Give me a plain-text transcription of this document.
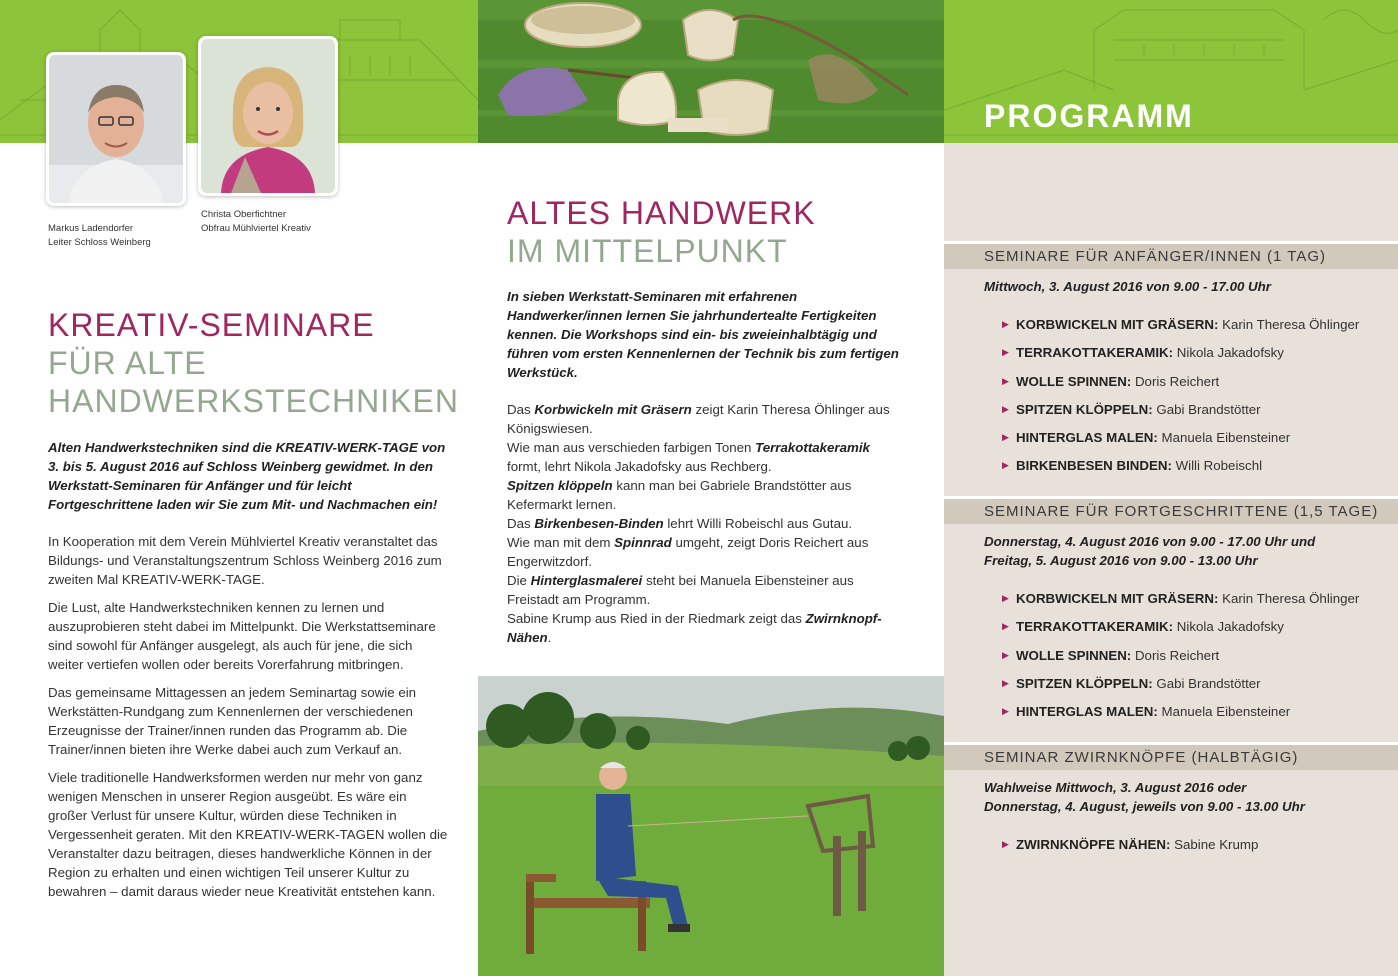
Markus Ladendorfer
Leiter Schloss Weinberg
Christa Oberfichtner
Obfrau Mühlviertel Kreativ
KREATIV-SEMINARE
FÜR ALTE
HANDWERKSTECHNIKEN

Alten Handwerkstechniken sind die KREATIV-WERK-TAGE von 3. bis 5. August 2016 auf Schloss Weinberg gewidmet. In den Werkstatt-Seminaren für Anfänger und für leicht Fortgeschrittene laden wir Sie zum Mit- und Nachmachen ein!

In Kooperation mit dem Verein Mühlviertel Kreativ veranstaltet das Bildungs- und Veranstaltungszentrum Schloss Weinberg 2016 zum zweiten Mal KREATIV-WERK-TAGE.

Die Lust, alte Handwerkstechniken kennen zu lernen und auszuprobieren steht dabei im Mittelpunkt. Die Werkstattseminare sind sowohl für Anfänger ausgelegt, als auch für jene, die sich weiter vertiefen wollen oder bereits Vorerfahrung mitbringen.

Das gemeinsame Mittagessen an jedem Seminartag sowie ein Werkstätten-Rundgang zum Kennenlernen der verschiedenen Erzeugnisse der Trainer/innen runden das Programm ab. Die Trainer/innen bieten ihre Werke dabei auch zum Verkauf an.

Viele traditionelle Handwerksformen werden nur mehr von ganz wenigen Menschen in unserer Region ausgeübt. Es wäre ein großer Verlust für unsere Kultur, würden diese Techniken in Vergessenheit geraten. Mit den KREATIV-WERK-TAGEN wollen die Veranstalter dazu beitragen, dieses handwerkliche Können in der Region zu erhalten und einen wichtigen Teil unserer Kultur zu bewahren – damit daraus wieder neue Kreativität entstehen kann.

ALTES HANDWERK
IM MITTELPUNKT

In sieben Werkstatt-Seminaren mit erfahrenen Handwerker/innen lernen Sie jahrhundertealte Fertigkeiten kennen. Die Workshops sind ein- bis zweieinhalbtägig und führen vom ersten Kennenlernen der Technik bis zum fertigen Werkstück.

Das Korbwickeln mit Gräsern zeigt Karin Theresa Öhlinger aus Königswiesen.
Wie man aus verschieden farbigen Tonen Terrakottakeramik formt, lehrt Nikola Jakadofsky aus Rechberg.
Spitzen klöppeln kann man bei Gabriele Brandstötter aus Kefermarkt lernen.
Das Birkenbesen-Binden lehrt Willi Robeischl aus Gutau.
Wie man mit dem Spinnrad umgeht, zeigt Doris Reichert aus Engerwitzdorf.
Die Hinterglasmalerei steht bei Manuela Eibensteiner aus Freistadt am Programm.
Sabine Krump aus Ried in der Riedmark zeigt das Zwirnknopf-Nähen.
PROGRAMM
SEMINARE FÜR ANFÄNGER/INNEN (1 TAG)
Mittwoch, 3. August 2016 von 9.00 - 17.00 Uhr
▶ KORBWICKELN MIT GRÄSERN: Karin Theresa Öhlinger
▶ TERRAKOTTAKERAMIK: Nikola Jakadofsky
▶ WOLLE SPINNEN: Doris Reichert
▶ SPITZEN KLÖPPELN: Gabi Brandstötter
▶ HINTERGLAS MALEN: Manuela Eibensteiner
▶ BIRKENBESEN BINDEN: Willi Robeischl
SEMINARE FÜR FORTGESCHRITTENE (1,5 TAGE)
Donnerstag, 4. August 2016 von 9.00 - 17.00 Uhr und
Freitag, 5. August 2016 von 9.00 - 13.00 Uhr
▶ KORBWICKELN MIT GRÄSERN: Karin Theresa Öhlinger
▶ TERRAKOTTAKERAMIK: Nikola Jakadofsky
▶ WOLLE SPINNEN: Doris Reichert
▶ SPITZEN KLÖPPELN: Gabi Brandstötter
▶ HINTERGLAS MALEN: Manuela Eibensteiner
SEMINAR ZWIRNKNÖPFE (HALBTÄGIG)
Wahlweise Mittwoch, 3. August 2016 oder
Donnerstag, 4. August, jeweils von 9.00 - 13.00 Uhr
▶ ZWIRNKNÖPFE NÄHEN: Sabine Krump
